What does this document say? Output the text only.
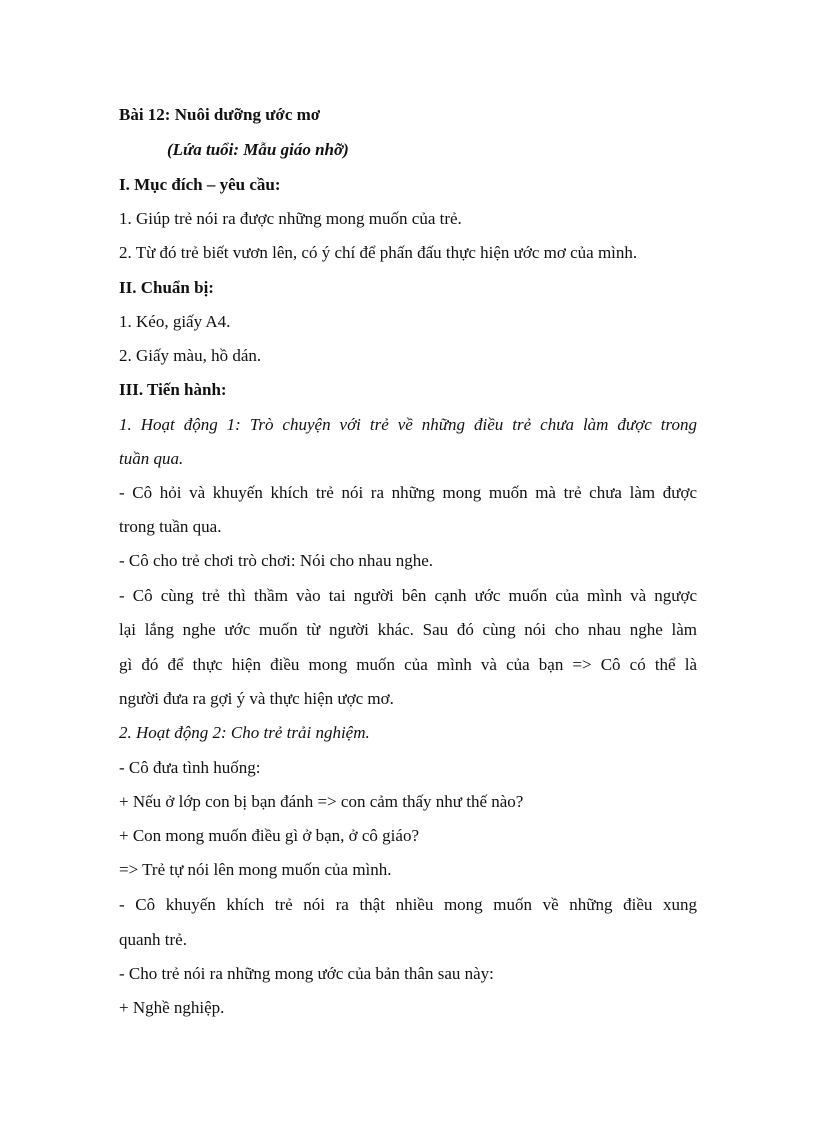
Bài 12: Nuôi dưỡng ước mơ
(Lứa tuổi: Mẫu giáo nhỡ)
I. Mục đích – yêu cầu:
1. Giúp trẻ nói ra được những mong muốn của trẻ.
2. Từ đó trẻ biết vươn lên, có ý chí để phấn đấu thực hiện ước mơ của mình.
II. Chuẩn bị:
1. Kéo, giấy A4.
2. Giấy màu, hồ dán.
III. Tiến hành:
1. Hoạt động 1: Trò chuyện với trẻ về những điều trẻ chưa làm được trong
tuần qua.
- Cô hỏi và khuyến khích trẻ nói ra những mong muốn mà trẻ chưa làm được
trong tuần qua.
- Cô cho trẻ chơi trò chơi: Nói cho nhau nghe.
- Cô cùng trẻ thì thầm vào tai người bên cạnh ước muốn của mình và ngược
lại lắng nghe ước muốn từ người khác. Sau đó cùng nói cho nhau nghe làm
gì đó để thực hiện điều mong muốn của mình và của bạn => Cô có thể là
người đưa ra gợi ý và thực hiện ược mơ.
2. Hoạt động 2: Cho trẻ trải nghiệm.
- Cô đưa tình huống:
+ Nếu ở lớp con bị bạn đánh => con cảm thấy như thế nào?
+ Con mong muốn điều gì ở bạn, ở cô giáo?
=> Trẻ tự nói lên mong muốn của mình.
- Cô khuyến khích trẻ nói ra thật nhiều mong muốn về những điều xung
quanh trẻ.
- Cho trẻ nói ra những mong ước của bản thân sau này:
+ Nghề nghiệp.
